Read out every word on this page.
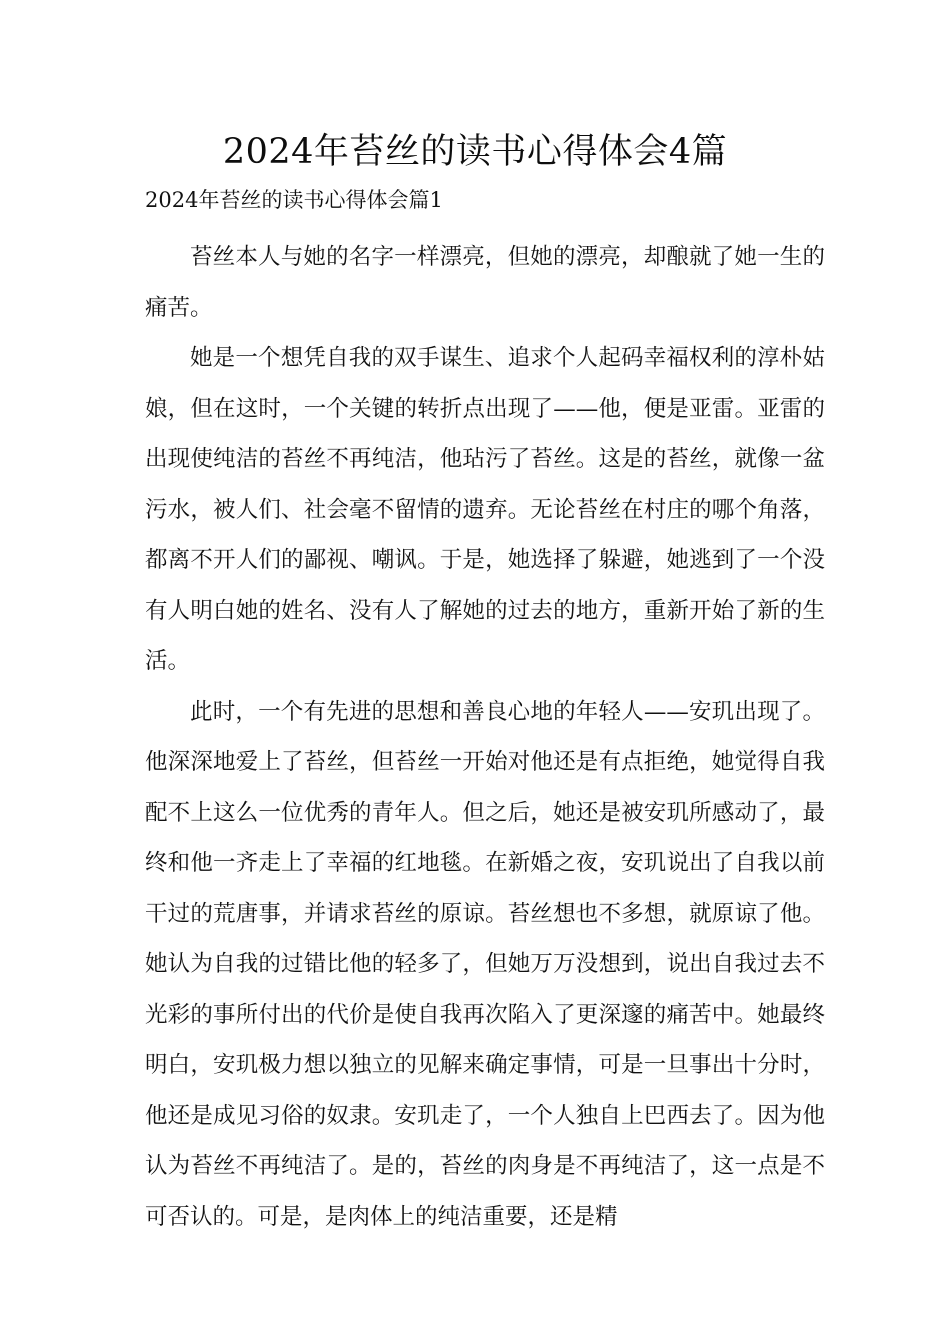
2024年苔丝的读书心得体会4篇
2024年苔丝的读书心得体会篇1

苔丝本人与她的名字一样漂亮，但她的漂亮，却酿就了她一生的痛苦。

她是一个想凭自我的双手谋生、追求个人起码幸福权利的淳朴姑娘，但在这时，一个关键的转折点出现了——他，便是亚雷。亚雷的出现使纯洁的苔丝不再纯洁，他玷污了苔丝。这是的苔丝，就像一盆污水，被人们、社会毫不留情的遗弃。无论苔丝在村庄的哪个角落，都离不开人们的鄙视、嘲讽。于是，她选择了躲避，她逃到了一个没有人明白她的姓名、没有人了解她的过去的地方，重新开始了新的生活。

此时，一个有先进的思想和善良心地的年轻人——安玑出现了。他深深地爱上了苔丝，但苔丝一开始对他还是有点拒绝，她觉得自我配不上这么一位优秀的青年人。但之后，她还是被安玑所感动了，最终和他一齐走上了幸福的红地毯。在新婚之夜，安玑说出了自我以前干过的荒唐事，并请求苔丝的原谅。苔丝想也不多想，就原谅了他。她认为自我的过错比他的轻多了，但她万万没想到，说出自我过去不光彩的事所付出的代价是使自我再次陷入了更深邃的痛苦中。她最终明白，安玑极力想以独立的见解来确定事情，可是一旦事出十分时，他还是成见习俗的奴隶。安玑走了，一个人独自上巴西去了。因为他认为苔丝不再纯洁了。是的，苔丝的肉身是不再纯洁了，这一点是不可否认的。可是，是肉体上的纯洁重要，还是精
